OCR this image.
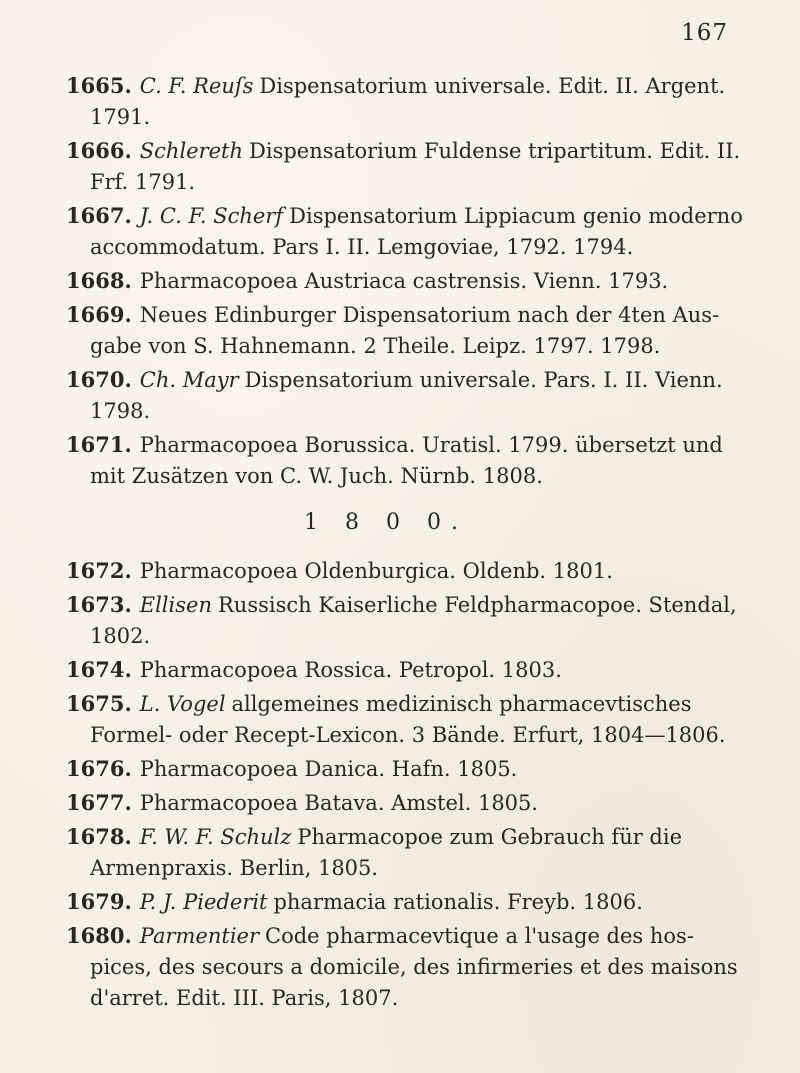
167

1665. C. F. Reuſs Dispensatorium universale. Edit. II. Argent. 1791.

1666. Schlereth Dispensatorium Fuldense tripartitum. Edit. II. Frf. 1791.

1667. J. C. F. Scherf Dispensatorium Lippiacum genio moderno accommodatum. Pars I. II. Lemgoviae, 1792. 1794.

1668. Pharmacopoea Austriaca castrensis. Vienn. 1793.

1669. Neues Edinburger Dispensatorium nach der 4ten Ausgabe von S. Hahnemann. 2 Theile. Leipz. 1797. 1798.

1670. Ch. Mayr Dispensatorium universale. Pars. I. II. Vienn. 1798.

1671. Pharmacopoea Borussica. Uratisl. 1799. übersetzt und mit Zusätzen von C. W. Juch. Nürnb. 1808.

1 8 0 0.

1672. Pharmacopoea Oldenburgica. Oldenb. 1801.

1673. Ellisen Russisch Kaiserliche Feldpharmacopoe. Stendal, 1802.

1674. Pharmacopoea Rossica. Petropol. 1803.

1675. L. Vogel allgemeines medizinisch pharmacevtisches Formel- oder Recept-Lexicon. 3 Bände. Erfurt, 1804—1806.

1676. Pharmacopoea Danica. Hafn. 1805.

1677. Pharmacopoea Batava. Amstel. 1805.

1678. F. W. F. Schulz Pharmacopoe zum Gebrauch für die Armenpraxis. Berlin, 1805.

1679. P. J. Piederit pharmacia rationalis. Freyb. 1806.

1680. Parmentier Code pharmacevtique a l'usage des hospices, des secours a domicile, des infirmeries et des maisons d'arret. Edit. III. Paris, 1807.
